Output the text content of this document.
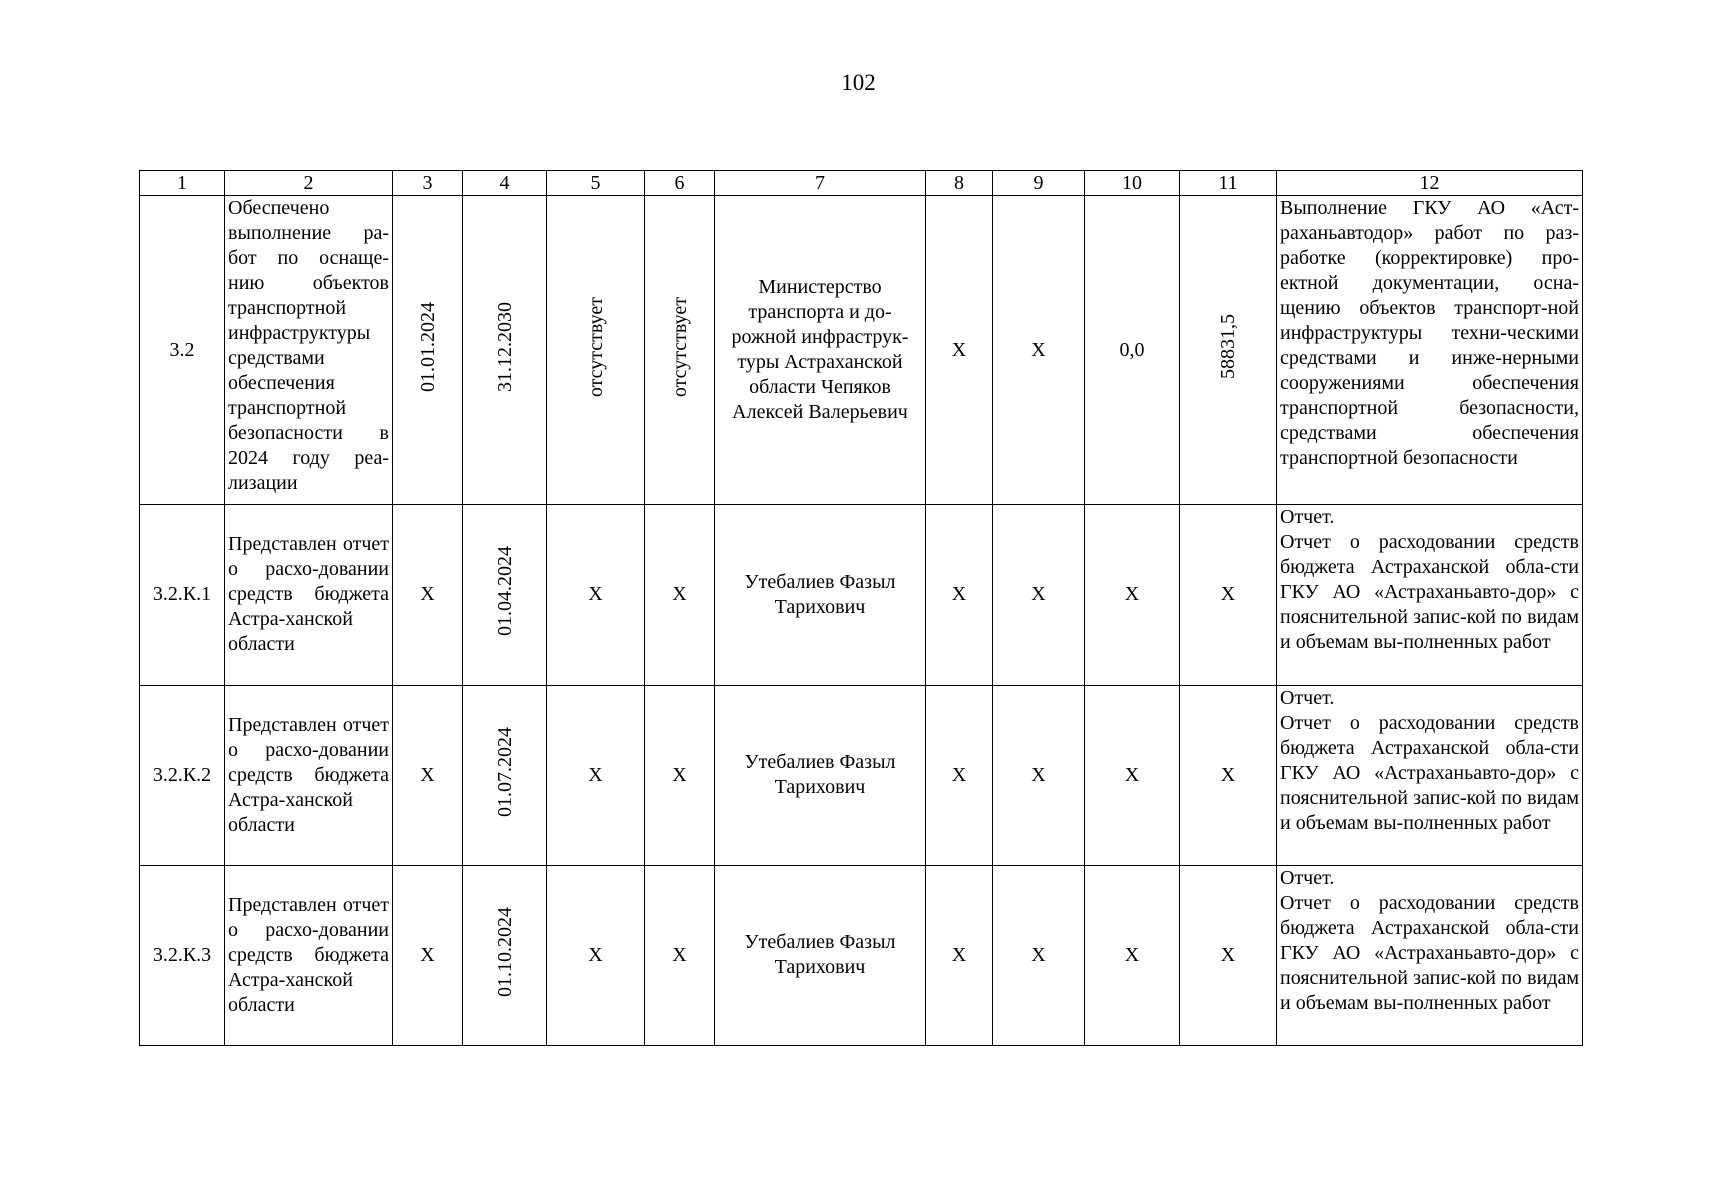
102
1	2	3	4	5	6	7	8	9	10	11	12
3.2	Обеспечено выполнение ра-бот по оснаще-нию объектов транспортной инфраструктуры средствами обеспечения транспортной безопасности в 2024 году реа-лизации	01.01.2024	31.12.2030	отсутствует	отсутствует	Министерство транспорта и до-рожной инфраструк-туры Астраханской области Чепяков Алексей Валерьевич	Х	Х	0,0	58831,5	Выполнение ГКУ АО «Аст-раханьавтодор» работ по раз-работке (корректировке) про-ектной документации, осна-щению объектов транспорт-ной инфраструктуры техни-ческими средствами и инже-нерными сооружениями обеспечения транспортной безопасности, средствами обеспечения транспортной безопасности
3.2.К.1	Представлен отчет о расхо-довании средств бюджета Астра-ханской области	Х	01.04.2024	Х	Х	Утебалиев Фазыл Тарихович	Х	Х	Х	Х	Отчет.
Отчет о расходовании средств бюджета Астраханской обла-сти ГКУ АО «Астраханьавто-дор» с пояснительной запис-кой по видам и объемам вы-полненных работ

3.2.К.2	Представлен отчет о расхо-довании средств бюджета Астра-ханской области	Х	01.07.2024	Х	Х	Утебалиев Фазыл Тарихович	Х	Х	Х	Х	Отчет.
Отчет о расходовании средств бюджета Астраханской обла-сти ГКУ АО «Астраханьавто-дор» с пояснительной запис-кой по видам и объемам вы-полненных работ

3.2.К.3	Представлен отчет о расхо-довании средств бюджета Астра-ханской области	Х	01.10.2024	Х	Х	Утебалиев Фазыл Тарихович	Х	Х	Х	Х	Отчет.
Отчет о расходовании средств бюджета Астраханской обла-сти ГКУ АО «Астраханьавто-дор» с пояснительной запис-кой по видам и объемам вы-полненных работ
